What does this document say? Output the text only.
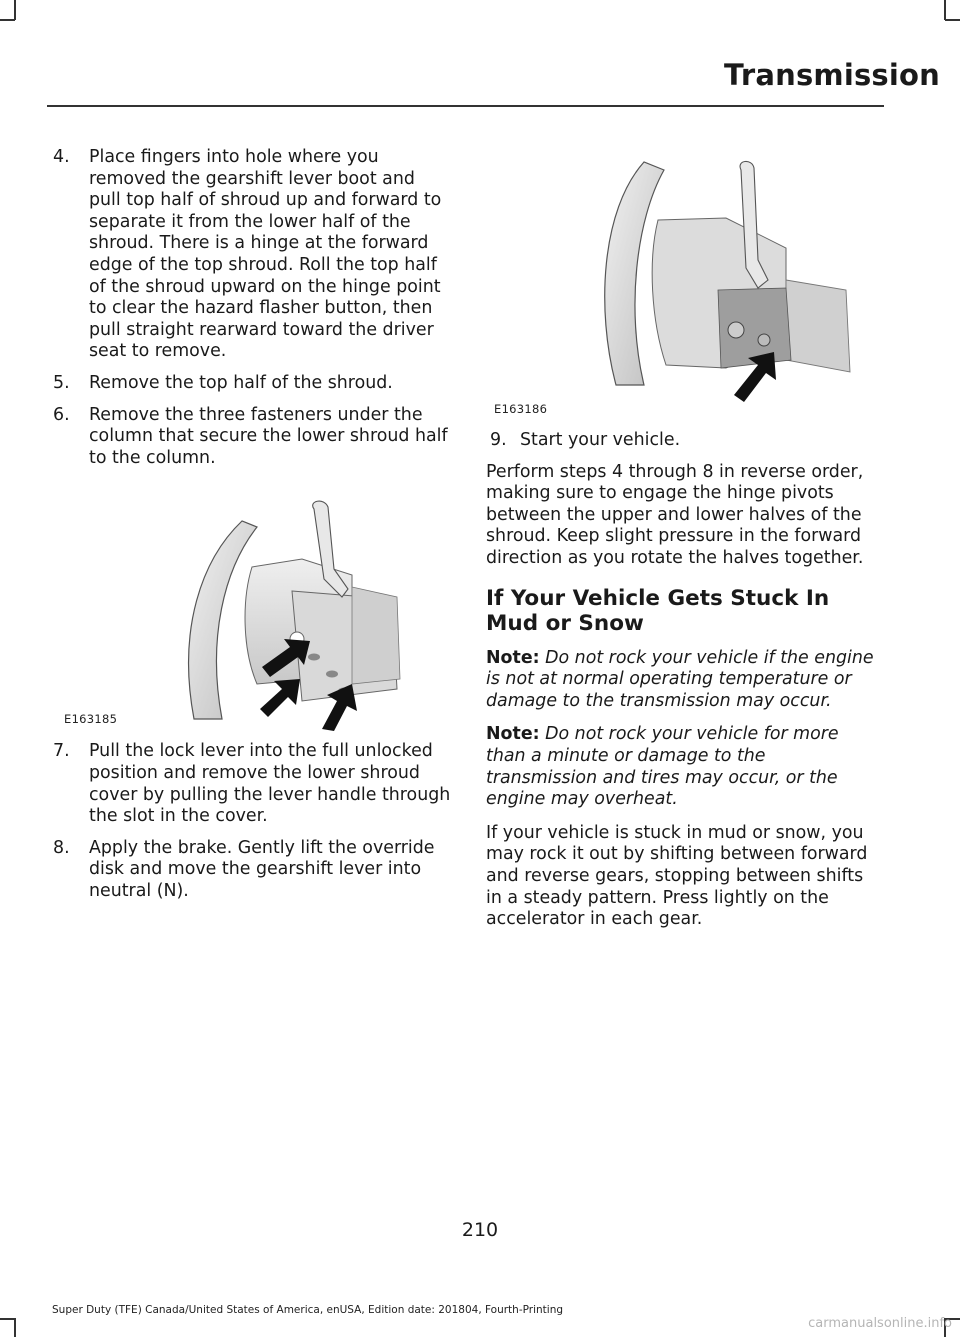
Transmission
4. Place fingers into hole where you removed the gearshift lever boot and pull top half of shroud up and forward to separate it from the lower half of the shroud. There is a hinge at the forward edge of the top shroud. Roll the top half of the shroud upward on the hinge point to clear the hazard flasher button, then pull straight rearward toward the driver seat to remove.
5. Remove the top half of the shroud.
6. Remove the three fasteners under the column that secure the lower shroud half to the column.
E163185
7. Pull the lock lever into the full unlocked position and remove the lower shroud cover by pulling the lever handle through the slot in the cover.
8. Apply the brake. Gently lift the override disk and move the gearshift lever into neutral (N).
E163186
9. Start your vehicle.

Perform steps 4 through 8 in reverse order, making sure to engage the hinge pivots between the upper and lower halves of the shroud. Keep slight pressure in the forward direction as you rotate the halves together.

If Your Vehicle Gets Stuck In Mud or Snow

Note: Do not rock your vehicle if the engine is not at normal operating temperature or damage to the transmission may occur.

Note: Do not rock your vehicle for more than a minute or damage to the transmission and tires may occur, or the engine may overheat.

If your vehicle is stuck in mud or snow, you may rock it out by shifting between forward and reverse gears, stopping between shifts in a steady pattern. Press lightly on the accelerator in each gear.

210
Super Duty (TFE) Canada/United States of America, enUSA, Edition date: 201804, Fourth-Printing
carmanualsonline.info
